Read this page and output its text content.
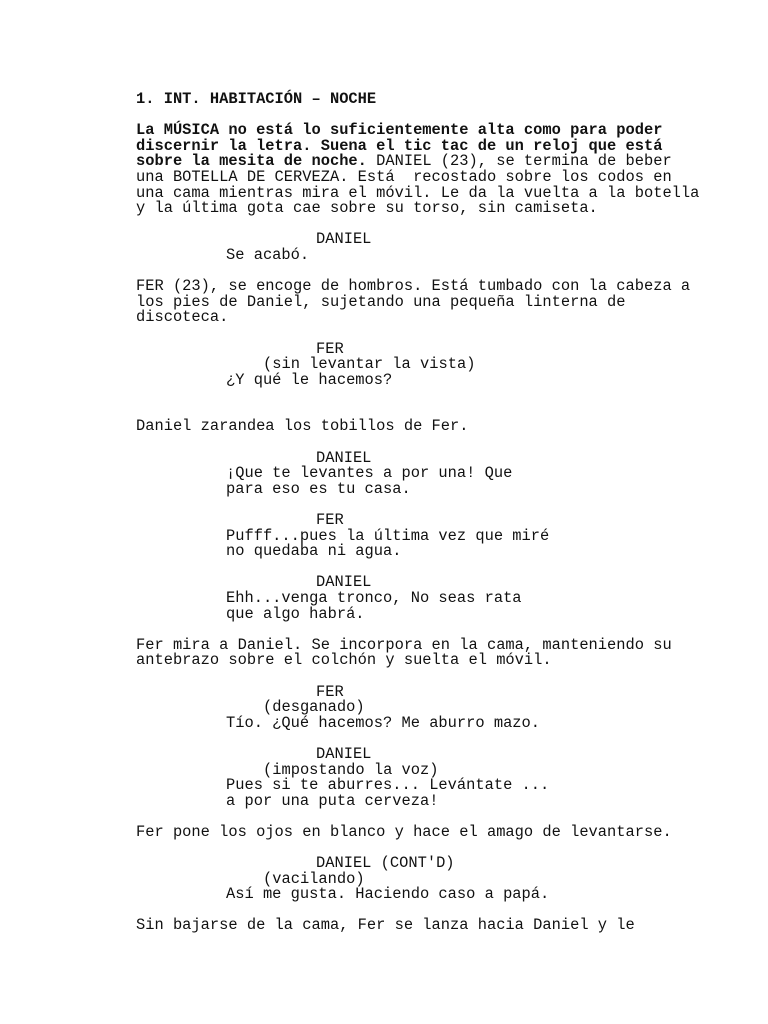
1. INT. HABITACIÓN – NOCHE
La MÚSICA no está lo suficientemente alta como para poder
discernir la letra. Suena el tic tac de un reloj que está
sobre la mesita de noche. DANIEL (23), se termina de beber
una BOTELLA DE CERVEZA. Está  recostado sobre los codos en
una cama mientras mira el móvil. Le da la vuelta a la botella
y la última gota cae sobre su torso, sin camiseta.
DANIEL
Se acabó.
FER (23), se encoge de hombros. Está tumbado con la cabeza a
los pies de Daniel, sujetando una pequeña linterna de
discoteca.
FER
(sin levantar la vista)
¿Y qué le hacemos?
Daniel zarandea los tobillos de Fer.
DANIEL
¡Que te levantes a por una! Que
para eso es tu casa.
FER
Pufff...pues la última vez que miré
no quedaba ni agua.
DANIEL
Ehh...venga tronco, No seas rata
que algo habrá.
Fer mira a Daniel. Se incorpora en la cama, manteniendo su
antebrazo sobre el colchón y suelta el móvil.
FER
(desganado)
Tío. ¿Qué hacemos? Me aburro mazo.
DANIEL
(impostando la voz)
Pues si te aburres... Levántate ...
a por una puta cerveza!
Fer pone los ojos en blanco y hace el amago de levantarse.
DANIEL (CONT'D)
(vacilando)
Así me gusta. Haciendo caso a papá.
Sin bajarse de la cama, Fer se lanza hacia Daniel y le
